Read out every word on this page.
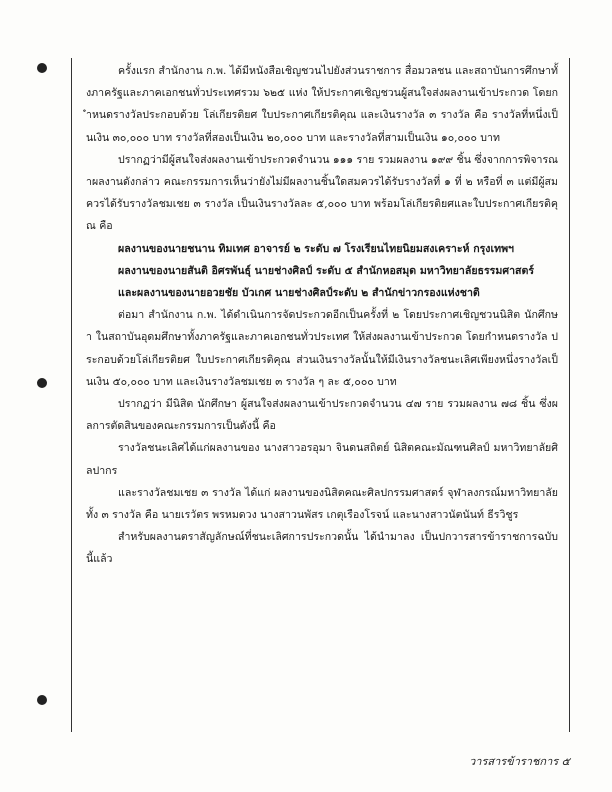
ครั้งแรก สำนักงาน ก.พ. ได้มีหนังสือเชิญชวนไปยังส่วนราชการ สื่อมวลชน และสถาบันการศึกษาทั้งภาครัฐและภาคเอกชนทั่วประเทศรวม ๖๒๕ แห่ง ให้ประกาศเชิญชวนผู้สนใจส่งผลงานเข้าประกวด โดยกำหนดรางวัลประกอบด้วย โล่เกียรติยศ ใบประกาศเกียรติคุณ และเงินรางวัล ๓ รางวัล คือ รางวัลที่หนึ่งเป็นเงิน ๓๐,๐๐๐ บาท รางวัลที่สองเป็นเงิน ๒๐,๐๐๐ บาท และรางวัลที่สามเป็นเงิน ๑๐,๐๐๐ บาท

ปรากฏว่ามีผู้สนใจส่งผลงานเข้าประกวดจำนวน ๑๑๑ ราย รวมผลงาน ๑๙๙ ชิ้น ซึ่งจากการพิจารณาผลงานดังกล่าว คณะกรรมการเห็นว่ายังไม่มีผลงานชิ้นใดสมควรได้รับรางวัลที่ ๑ ที่ ๒ หรือที่ ๓ แต่มีผู้สมควรได้รับรางวัลชมเชย ๓ รางวัล เป็นเงินรางวัลละ ๕,๐๐๐ บาท พร้อมโล่เกียรติยศและใบประกาศเกียรติคุณ คือ

ผลงานของนายชนาน ทิมเทศ อาจารย์ ๒ ระดับ ๗ โรงเรียนไทยนิยมสงเคราะห์ กรุงเทพฯ

ผลงานของนายสันติ อิศรพันธุ์ นายช่างศิลป์ ระดับ ๕ สำนักหอสมุด มหาวิทยาลัยธรรมศาสตร์

และผลงานของนายอวยชัย บัวเกศ นายช่างศิลป์ระดับ ๒ สำนักข่าวกรองแห่งชาติ

ต่อมา สำนักงาน ก.พ. ได้ดำเนินการจัดประกวดอีกเป็นครั้งที่ ๒ โดยประกาศเชิญชวนนิสิต นักศึกษา ในสถาบันอุดมศึกษาทั้งภาครัฐและภาคเอกชนทั่วประเทศ ให้ส่งผลงานเข้าประกวด โดยกำหนดรางวัล ประกอบด้วยโล่เกียรติยศ ใบประกาศเกียรติคุณ ส่วนเงินรางวัลนั้นให้มีเงินรางวัลชนะเลิศเพียงหนึ่งรางวัลเป็นเงิน ๕๐,๐๐๐ บาท และเงินรางวัลชมเชย ๓ รางวัล ๆ ละ ๕,๐๐๐ บาท

ปรากฏว่า มีนิสิต นักศึกษา ผู้สนใจส่งผลงานเข้าประกวดจำนวน ๔๗ ราย รวมผลงาน ๗๘ ชิ้น ซึ่งผลการตัดสินของคณะกรรมการเป็นดังนี้ คือ

รางวัลชนะเลิศได้แก่ผลงานของ นางสาวอรอุมา จินดนสถิตย์ นิสิตคณะมัณฑนศิลป์ มหาวิทยาลัยศิลปากร

และรางวัลชมเชย ๓ รางวัล ได้แก่ ผลงานของนิสิตคณะศิลปกรรมศาสตร์ จุฬาลงกรณ์มหาวิทยาลัย ทั้ง ๓ รางวัล คือ นายเรวัตร พรหมดวง นางสาวนพัสร เกตุเรืองโรจน์ และนางสาวนัตนันท์ ธีรวิชูร

สำหรับผลงานตราสัญลักษณ์ที่ชนะเลิศการประกวดนั้น ได้นำมาลง เป็นปกวารสารข้าราชการฉบับนี้แล้ว

วารสารข้าราชการ ๕
